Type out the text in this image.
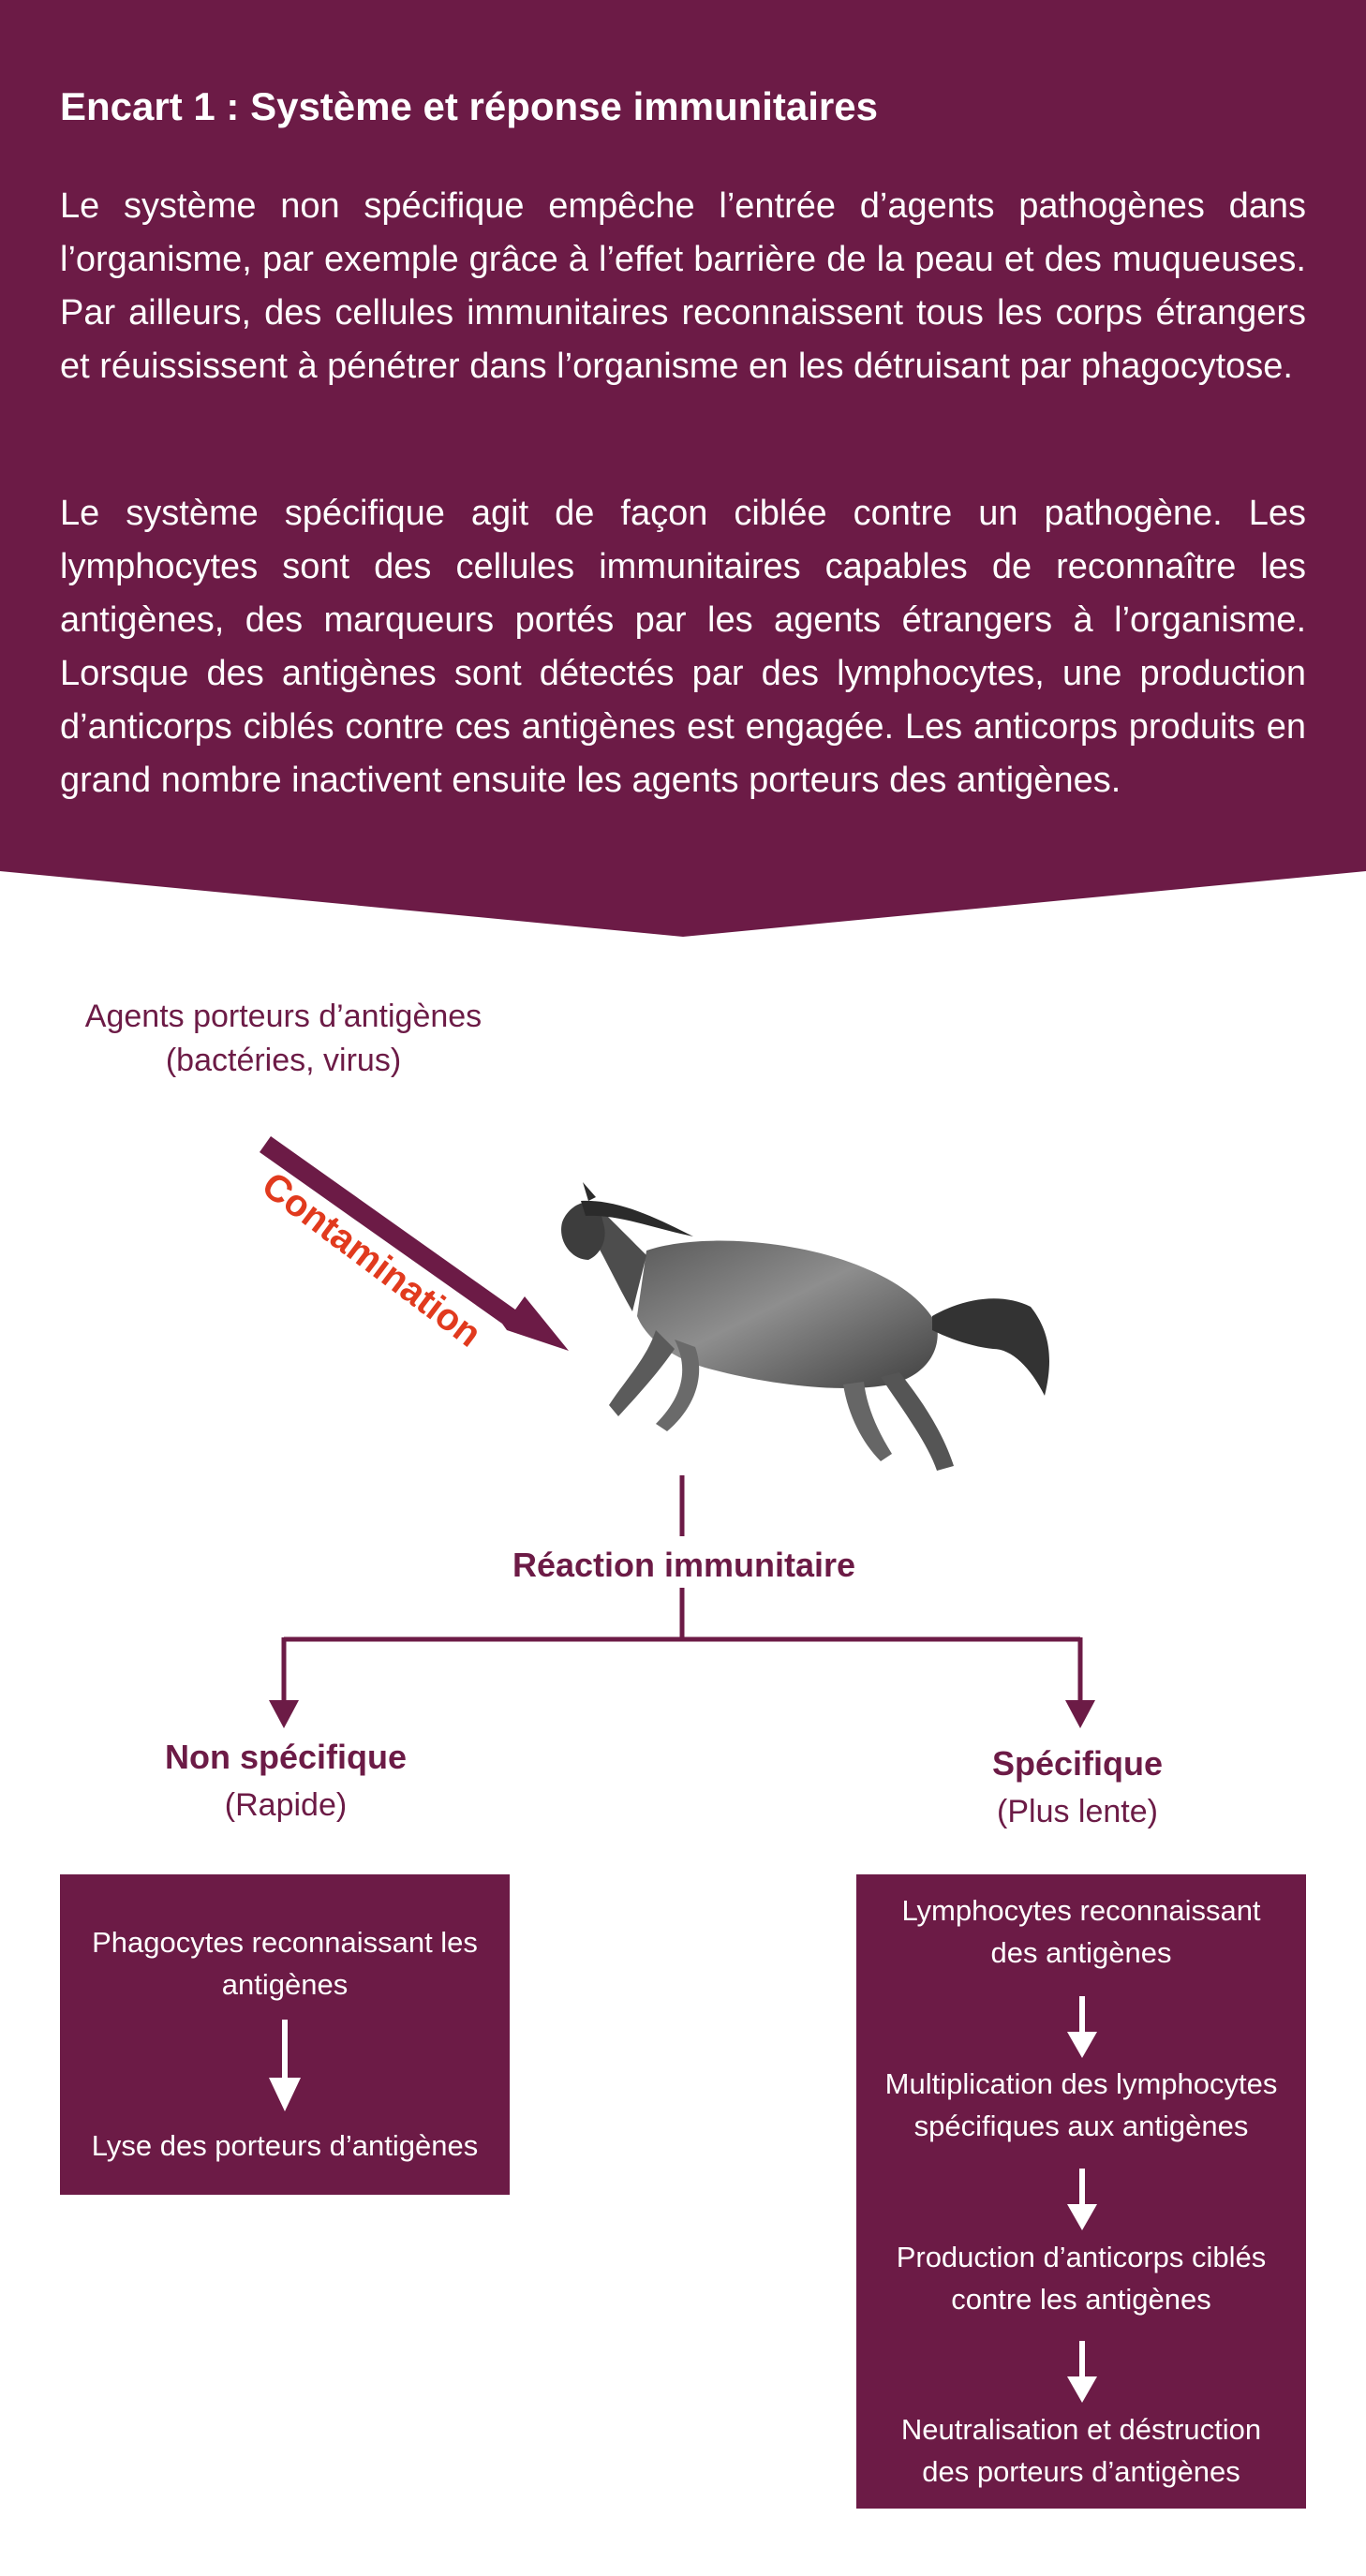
Encart 1 : Système et réponse immunitaires

Le système non spécifique empêche l’entrée d’agents pathogènes dans l’organisme, par exemple grâce à l’effet barrière de la peau et des muqueuses. Par ailleurs, des cellules immunitaires reconnaissent tous les corps étrangers et réuississent à pénétrer dans l’organisme en les détruisant par phagocytose.

Le système spécifique agit de façon ciblée contre un pathogène. Les lymphocytes sont des cellules immunitaires capables de reconnaître les antigènes, des marqueurs portés par les agents étrangers à l’organisme. Lorsque des antigènes sont détectés par des lymphocytes, une production d’anticorps ciblés contre ces antigènes est engagée. Les anticorps produits en grand nombre inactivent ensuite les agents porteurs des antigènes.

Agents porteurs d’antigènes
(bactéries, virus)
Contamination
Réaction immunitaire
Non spécifique
(Rapide)
Spécifique
(Plus lente)

Phagocytes reconnaissant les antigènes

Lyse des porteurs d’antigènes

Lymphocytes reconnaissant des antigènes

Multiplication des lymphocytes spécifiques aux antigènes

Production d’anticorps ciblés contre les antigènes

Neutralisation et déstruction des porteurs d’antigènes
